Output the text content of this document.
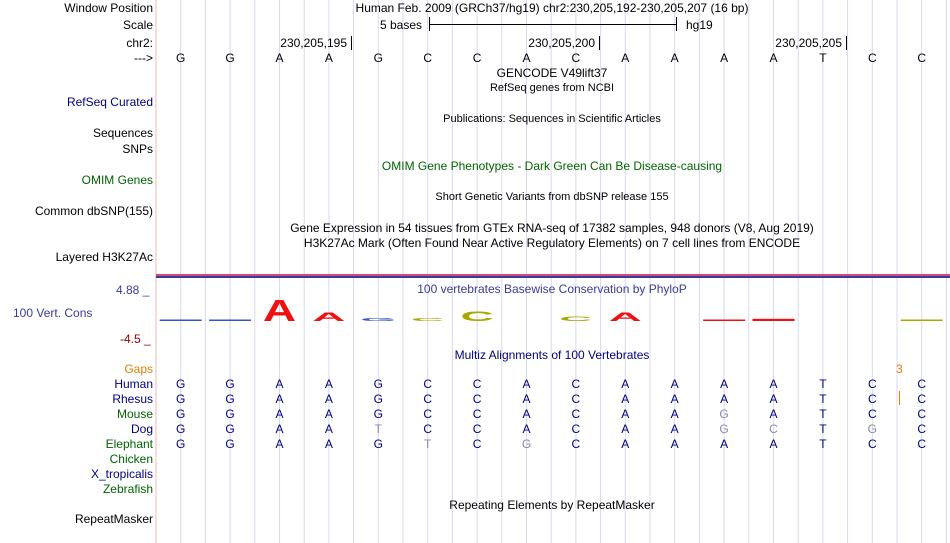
Window Position	Human Feb. 2009 (GRCh37/hg19) chr2:230,205,192-230,205,207 (16 bp)
Scale	5 bases	hg19
chr2:	230,205,195	230,205,200	230,205,205
---> G	G	A	A	G	C	C	A	C	A	A	A	A	T	C	C
GENCODE V49lift37
RefSeq genes from NCBI
RefSeq Curated
Publications: Sequences in Scientific Articles
Sequences
SNPs
OMIM Gene Phenotypes - Dark Green Can Be Disease-causing
OMIM Genes
Short Genetic Variants from dbSNP release 155
Common dbSNP(155)
Gene Expression in 54 tissues from GTEx RNA-seq of 17382 samples, 948 donors (V8, Aug 2019)
H3K27Ac Mark (Often Found Near Active Regulatory Elements) on 7 cell lines from ENCODE
Layered H3K27Ac
4.88 _	100 vertebrates Basewise Conservation by PhyloP
100 Vert. Cons
-4.5 _
A A G C C	C A
Multiz Alignments of 100 Vertebrates
Gaps	3
Human G	G	A	A	G	C	C	A	C	A	A	A	A	T	C	C
Rhesus G	G	A	A	G	C	C	A	C	A	A	A	A	T	C	C
Mouse G	G	A	A	G	C	C	A	C	A	A	G	A	T	C	C
Dog G	G	A	A	T	C	C	A	C	A	A	G	C	T	G	C
Elephant G	G	A	A	G	T	C	G	C	A	A	A	A	T	C	C
Chicken
X_tropicalis
Zebrafish
Repeating Elements by RepeatMasker
RepeatMasker
